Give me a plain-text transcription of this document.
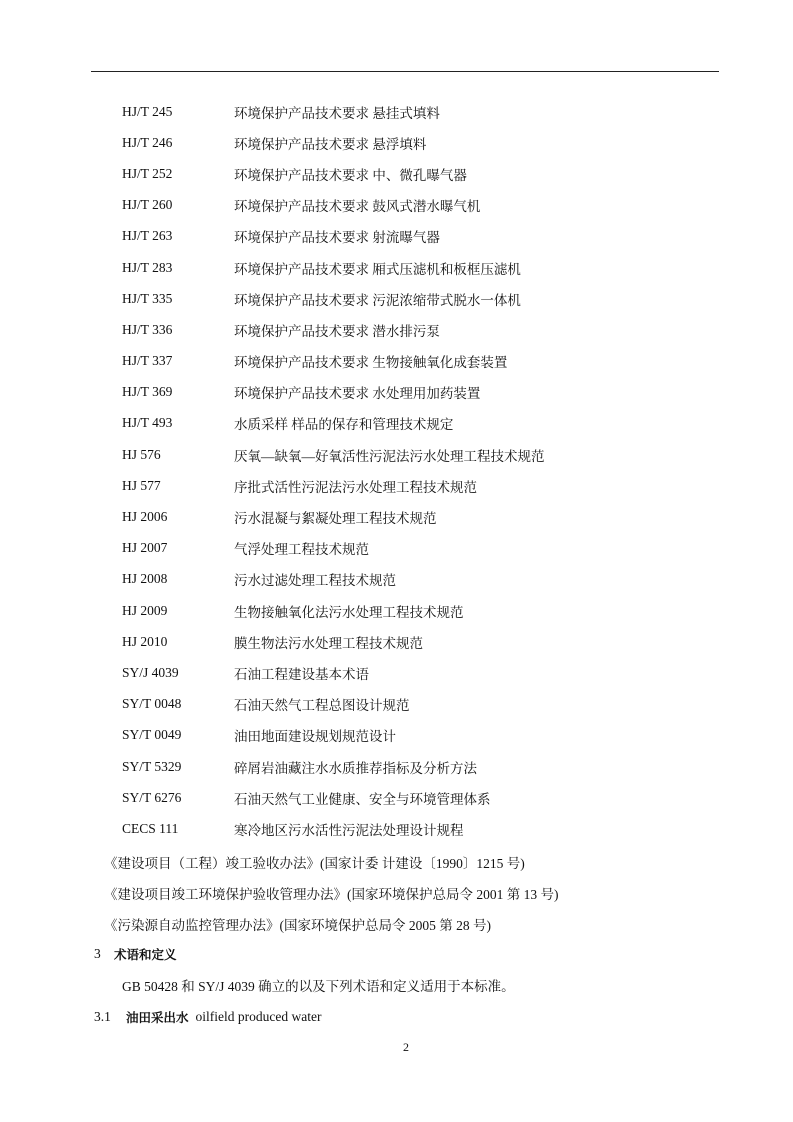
HJ/T 245	环境保护产品技术要求 悬挂式填料
HJ/T 246	环境保护产品技术要求 悬浮填料
HJ/T 252	环境保护产品技术要求 中、微孔曝气器
HJ/T 260	环境保护产品技术要求 鼓风式潜水曝气机
HJ/T 263	环境保护产品技术要求 射流曝气器
HJ/T 283	环境保护产品技术要求 厢式压滤机和板框压滤机
HJ/T 335	环境保护产品技术要求 污泥浓缩带式脱水一体机
HJ/T 336	环境保护产品技术要求 潜水排污泵
HJ/T 337	环境保护产品技术要求 生物接触氧化成套装置
HJ/T 369	环境保护产品技术要求 水处理用加药装置
HJ/T 493	水质采样 样品的保存和管理技术规定
HJ 576	厌氧—缺氧—好氧活性污泥法污水处理工程技术规范
HJ 577	序批式活性污泥法污水处理工程技术规范
HJ 2006	污水混凝与絮凝处理工程技术规范
HJ 2007	气浮处理工程技术规范
HJ 2008	污水过滤处理工程技术规范
HJ 2009	生物接触氧化法污水处理工程技术规范
HJ 2010	膜生物法污水处理工程技术规范
SY/J 4039	石油工程建设基本术语
SY/T 0048	石油天然气工程总图设计规范
SY/T 0049	油田地面建设规划规范设计
SY/T 5329	碎屑岩油藏注水水质推荐指标及分析方法
SY/T 6276	石油天然气工业健康、安全与环境管理体系
CECS 111	寒冷地区污水活性污泥法处理设计规程
《建设项目（工程）竣工验收办法》(国家计委 计建设〔1990〕1215 号)
《建设项目竣工环境保护验收管理办法》(国家环境保护总局令 2001 第 13 号)
《污染源自动监控管理办法》(国家环境保护总局令 2005 第 28 号)
3	术语和定义
GB 50428 和 SY/J 4039 确立的以及下列术语和定义适用于本标准。
3.1	油田采出水 oilfield produced water
2
